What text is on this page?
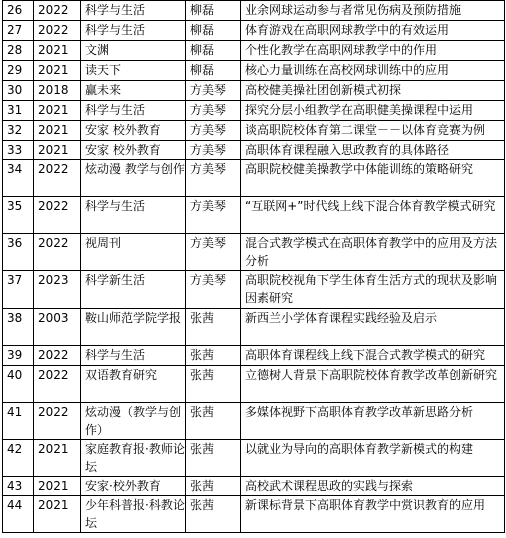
26	2022	科学与生活	柳磊	业余网球运动参与者常见伤病及预防措施
27	2022	科学与生活	柳磊	体育游戏在高职网球教学中的有效运用
28	2021	文渊	柳磊	个性化教学在高职网球教学中的作用
29	2021	读天下	柳磊	核心力量训练在高校网球训练中的应用
30	2018	赢未来	方美琴	高校健美操社团创新模式初探
31	2021	科学与生活	方美琴	探究分层小组教学在高职健美操课程中运用
32	2021	安家 校外教育	方美琴	谈高职院校体育第二课堂－－以体育竞赛为例
33	2021	安家 校外教育	方美琴	高职体育课程融入思政教育的具体路径
34	2022	炫动漫 教学与创作	方美琴	高职院校健美操教学中体能训练的策略研究
35	2022	科学与生活	方美琴	“互联网+”时代线上线下混合体育教学模式研究
36	2022	视周刊	方美琴	混合式教学模式在高职体育教学中的应用及方法分析
37	2023	科学新生活	方美琴	高职院校视角下学生体育生活方式的现状及影响因素研究
38	2003	鞍山师范学院学报	张茜	新西兰小学体育课程实践经验及启示
39	2022	科学与生活	张茜	高职体育课程线上线下混合式教学模式的研究
40	2022	双语教育研究	张茜	立德树人背景下高职院校体育教学改革创新研究
41	2022	炫动漫（教学与创作）	张茜	多媒体视野下高职体育教学改革新思路分析
42	2021	家庭教育报·教师论坛	张茜	以就业为导向的高职体育教学新模式的构建
43	2021	安家·校外教育	张茜	高校武术课程思政的实践与探索
44	2021	少年科普报·科教论坛	张茜	新课标背景下高职体育教学中赏识教育的应用
